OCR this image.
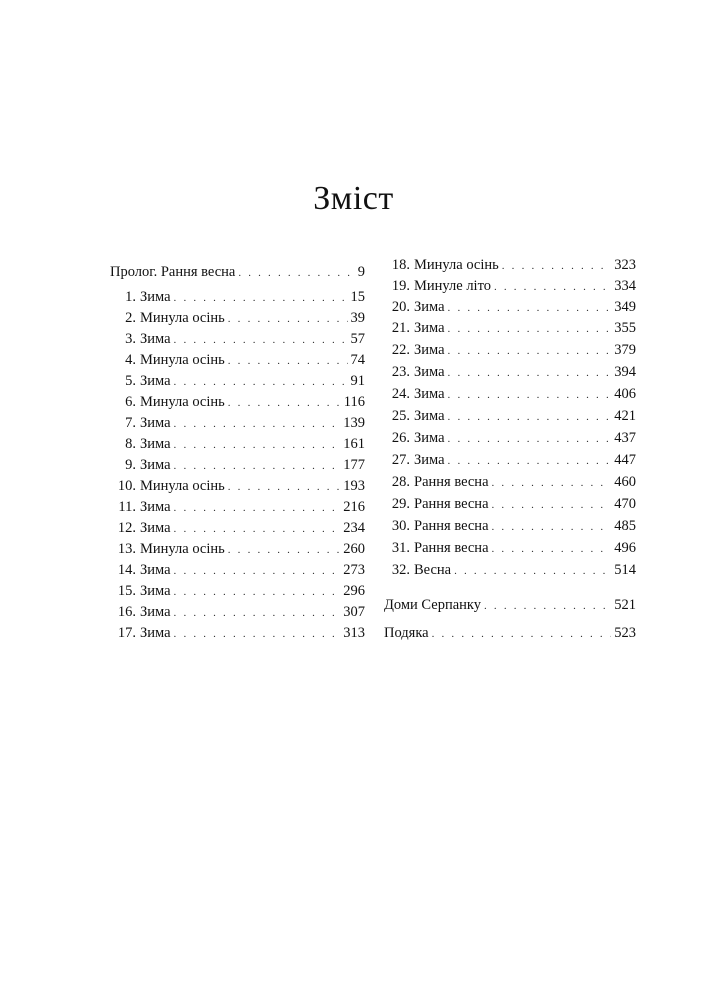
Зміст
Пролог. Рання весна . . .	9
1. Зима . . .	15
2. Минула осінь . . .	39
3. Зима . . .	57
4. Минула осінь . . .	74
5. Зима . . .	91
6. Минула осінь . . .	116
7. Зима . . .	139
8. Зима . . .	161
9. Зима . . .	177
10. Минула осінь . . .	193
11. Зима . . .	216
12. Зима . . .	234
13. Минула осінь . . .	260
14. Зима . . .	273
15. Зима . . .	296
16. Зима . . .	307
17. Зима . . .	313
18. Минула осінь . . .	323
19. Минуле літо . . .	334
20. Зима . . .	349
21. Зима . . .	355
22. Зима . . .	379
23. Зима . . .	394
24. Зима . . .	406
25. Зима . . .	421
26. Зима . . .	437
27. Зима . . .	447
28. Рання весна . . .	460
29. Рання весна . . .	470
30. Рання весна . . .	485
31. Рання весна . . .	496
32. Весна . . .	514
Доми Серпанку . . .	521
Подяка . . .	523
